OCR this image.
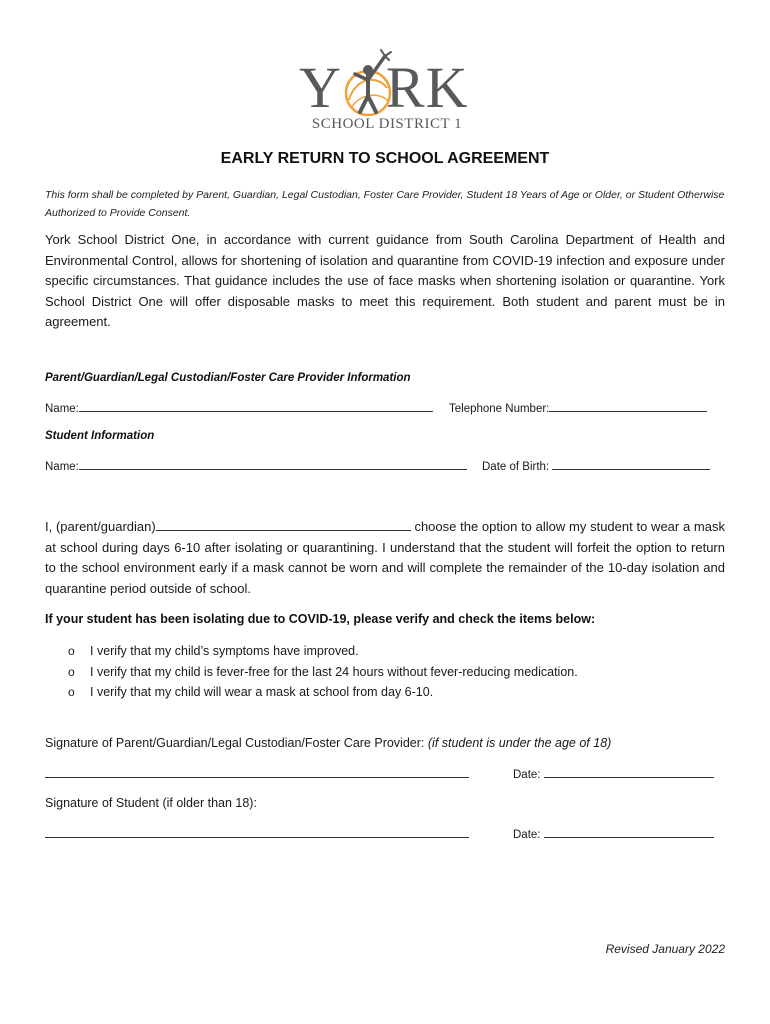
Y RK
SCHOOL DISTRICT 1
EARLY RETURN TO SCHOOL AGREEMENT
This form shall be completed by Parent, Guardian, Legal Custodian, Foster Care Provider, Student 18 Years of Age or Older, or Student Otherwise Authorized to Provide Consent.
York School District One, in accordance with current guidance from South Carolina Department of Health and Environmental Control, allows for shortening of isolation and quarantine from COVID-19 infection and exposure under specific circumstances. That guidance includes the use of face masks when shortening isolation or quarantine. York School District One will offer disposable masks to meet this requirement. Both student and parent must be in agreement.
Parent/Guardian/Legal Custodian/Foster Care Provider Information
Name:	Telephone Number:
Student Information
Name:	Date of Birth:
I, (parent/guardian)	choose the option to allow my student to wear a mask at school during days 6-10 after isolating or quarantining. I understand that the student will forfeit the option to return to the school environment early if a mask cannot be worn and will complete the remainder of the 10-day isolation and quarantine period outside of school.
If your student has been isolating due to COVID-19, please verify and check the items below:
o I verify that my child’s symptoms have improved.
o I verify that my child is fever-free for the last 24 hours without fever-reducing medication.
o I verify that my child will wear a mask at school from day 6-10.
Signature of Parent/Guardian/Legal Custodian/Foster Care Provider: (if student is under the age of 18)
Date:
Signature of Student (if older than 18):
Date:
Revised January 2022
